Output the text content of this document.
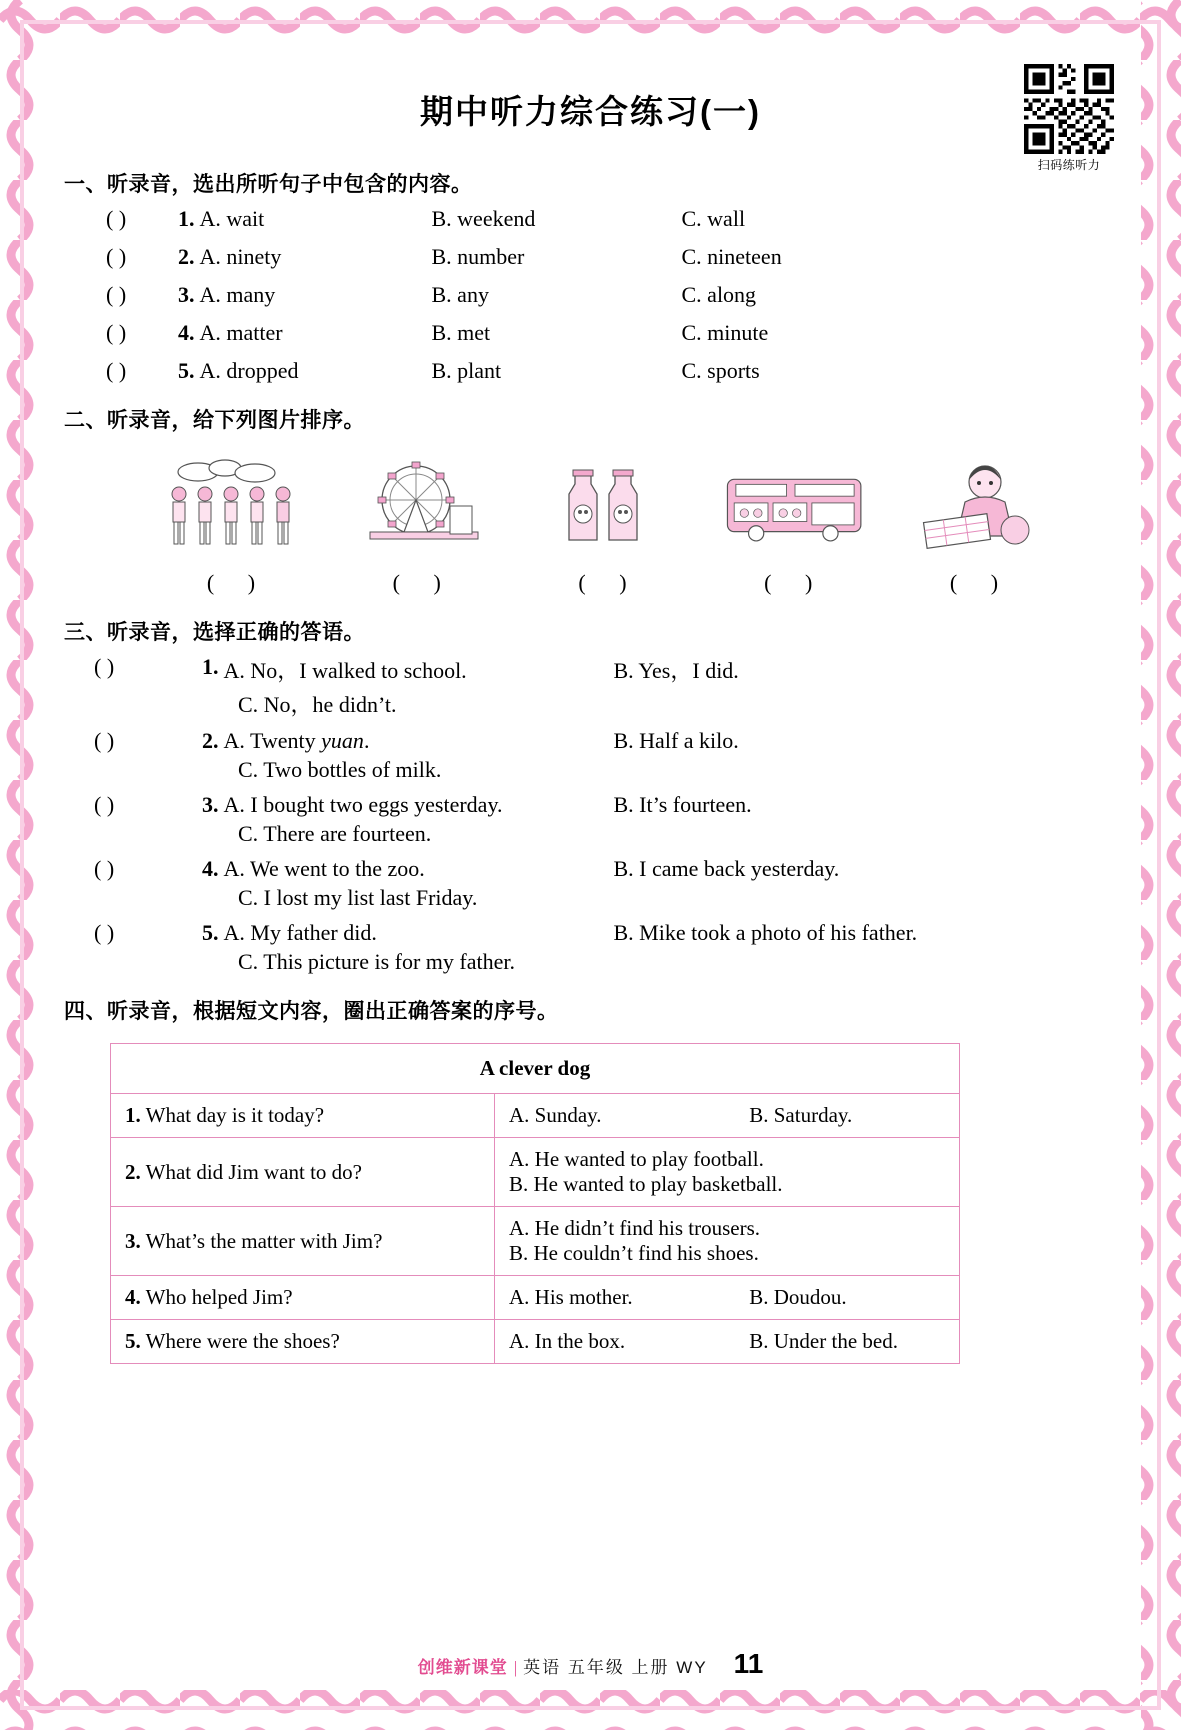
期中听力综合练习(一)
扫码练听力
一、听录音，选出所听句子中包含的内容。
( )	1. A. wait	B. weekend	C. wall
( )	2. A. ninety	B. number	C. nineteen
( )	3. A. many	B. any	C. along
( )	4. A. matter	B. met	C. minute
( )	5. A. dropped	B. plant	C. sports
二、听录音，给下列图片排序。
( )	( )	( )	( )	( )
三、听录音，选择正确的答语。
( )	1. A. No，I walked to school.	B. Yes，I did.
C. No，he didn’t.
( )	2. A. Twenty yuan.	B. Half a kilo.
C. Two bottles of milk.
( )	3. A. I bought two eggs yesterday.	B. It’s fourteen.
C. There are fourteen.
( )	4. A. We went to the zoo.	B. I came back yesterday.
C. I lost my list last Friday.
( )	5. A. My father did.	B. Mike took a photo of his father.
C. This picture is for my father.
四、听录音，根据短文内容，圈出正确答案的序号。
A clever dog	
1. What day is it today?	A. Sunday. B. Saturday.
2. What did Jim want to do?	A. He wanted to play football.
B. He wanted to play basketball.

3. What’s the matter with Jim?	A. He didn’t find his trousers.
B. He couldn’t find his shoes.

4. Who helped Jim?	A. His mother. B. Doudou.
5. Where were the shoes?	A. In the box. B. Under the bed.
创维新课堂 | 英语 五年级 上册 WY 11
